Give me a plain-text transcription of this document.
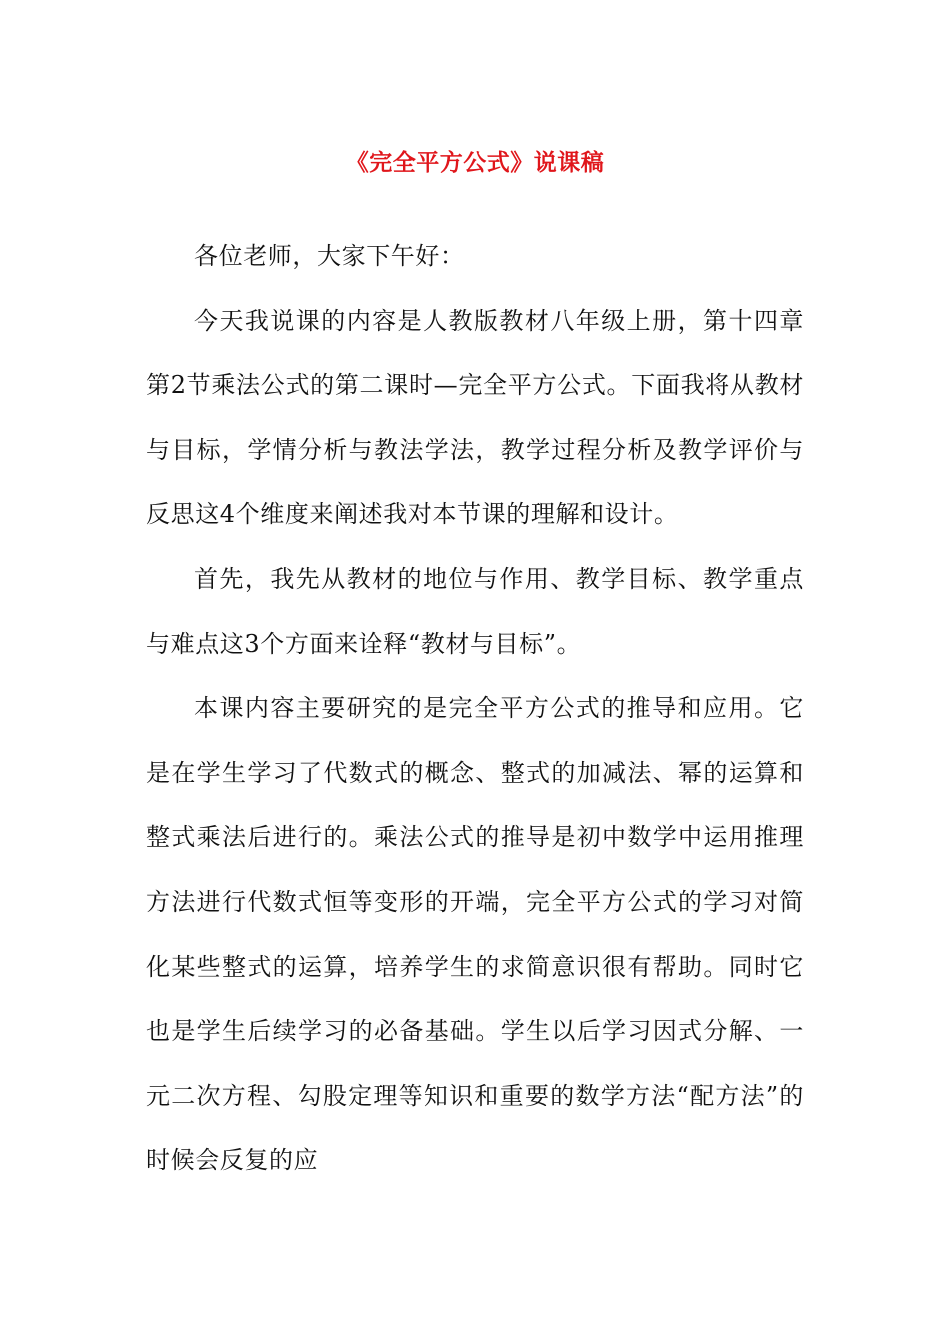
《完全平方公式》说课稿

各位老师，大家下午好：

今天我说课的内容是人教版教材八年级上册，第十四章第2节乘法公式的第二课时—完全平方公式。下面我将从教材与目标，学情分析与教法学法，教学过程分析及教学评价与反思这4个维度来阐述我对本节课的理解和设计。

首先，我先从教材的地位与作用、教学目标、教学重点与难点这3个方面来诠释“教材与目标”。

本课内容主要研究的是完全平方公式的推导和应用。它是在学生学习了代数式的概念、整式的加减法、幂的运算和整式乘法后进行的。乘法公式的推导是初中数学中运用推理方法进行代数式恒等变形的开端，完全平方公式的学习对简化某些整式的运算，培养学生的求简意识很有帮助。同时它也是学生后续学习的必备基础。学生以后学习因式分解、一元二次方程、勾股定理等知识和重要的数学方法“配方法”的时候会反复的应
